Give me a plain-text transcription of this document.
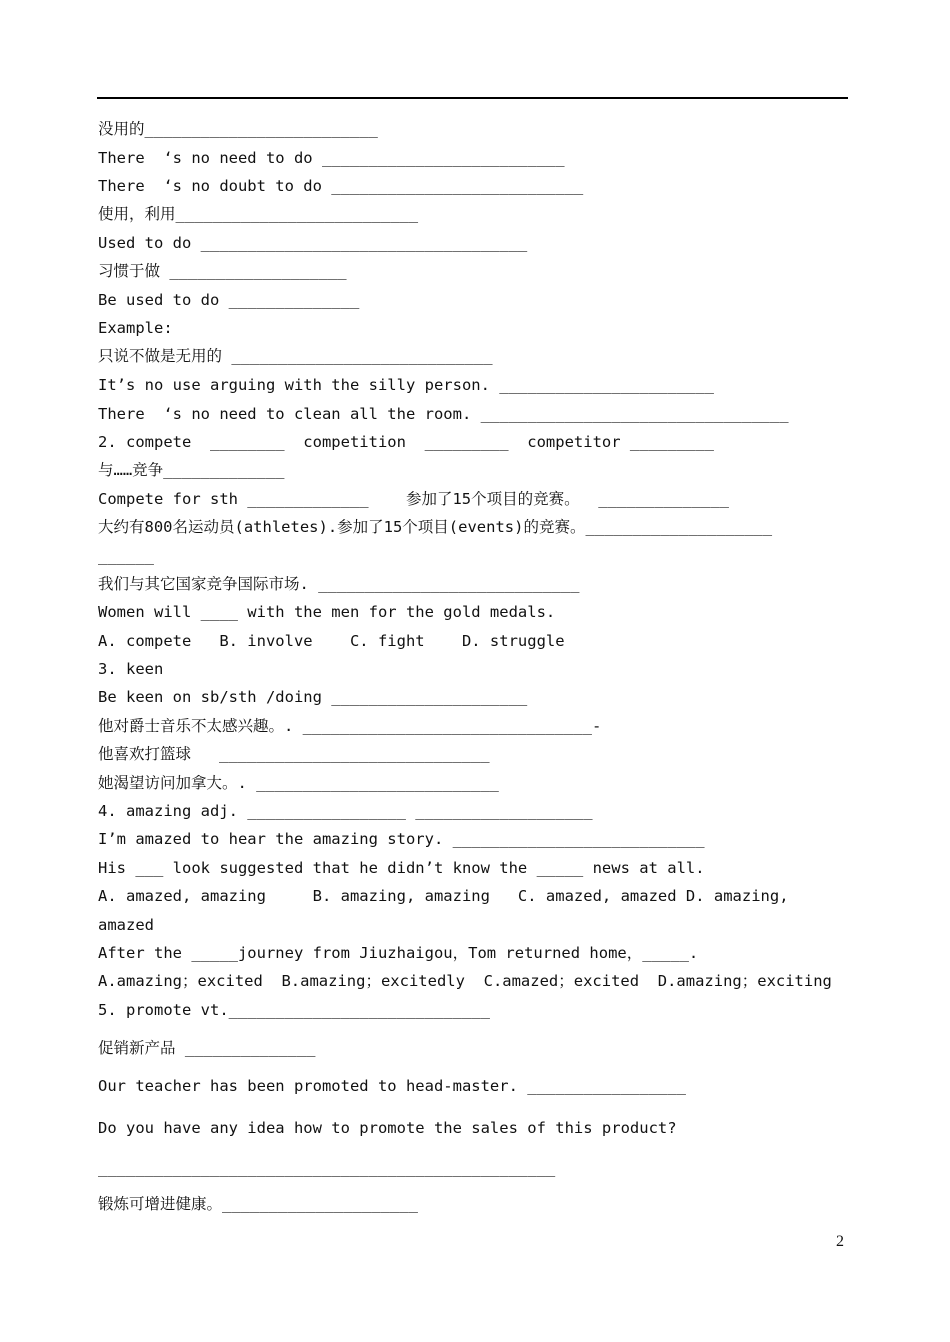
没用的_________________________
There  ‘s no need to do __________________________
There  ‘s no doubt to do ___________________________
使用，利用__________________________
Used to do ___________________________________
习惯于做 ___________________
Be used to do ______________
Example:
只说不做是无用的 ____________________________
It’s no use arguing with the silly person. _______________________
There  ‘s no need to clean all the room. _________________________________
2. compete  ________  competition  _________  competitor _________
与……竞争_____________
Compete for sth _____________    参加了15个项目的竞赛。  ______________
大约有800名运动员(athletes).参加了15个项目(events)的竞赛。____________________
______
我们与其它国家竞争国际市场. ____________________________
Women will ____ with the men for the gold medals.
A. compete   B. involve    C. fight    D. struggle
3. keen
Be keen on sb/sth /doing _____________________
他对爵士音乐不太感兴趣。. _______________________________-
他喜欢打篮球   _____________________________
她渴望访问加拿大。. __________________________
4. amazing adj. _________________ ___________________
I’m amazed to hear the amazing story. ___________________________
His ___ look suggested that he didn’t know the _____ news at all.
A. amazed, amazing     B. amazing, amazing   C. amazed, amazed D. amazing,
amazed
After the _____journey from Jiuzhaigou，Tom returned home，_____.
A.amazing；excited  B.amazing；excitedly  C.amazed；excited  D.amazing；exciting
5. promote vt.____________________________
促销新产品 ______________
Our teacher has been promoted to head-master. _________________
Do you have any idea how to promote the sales of this product?
_________________________________________________
锻炼可增进健康。_____________________
2
